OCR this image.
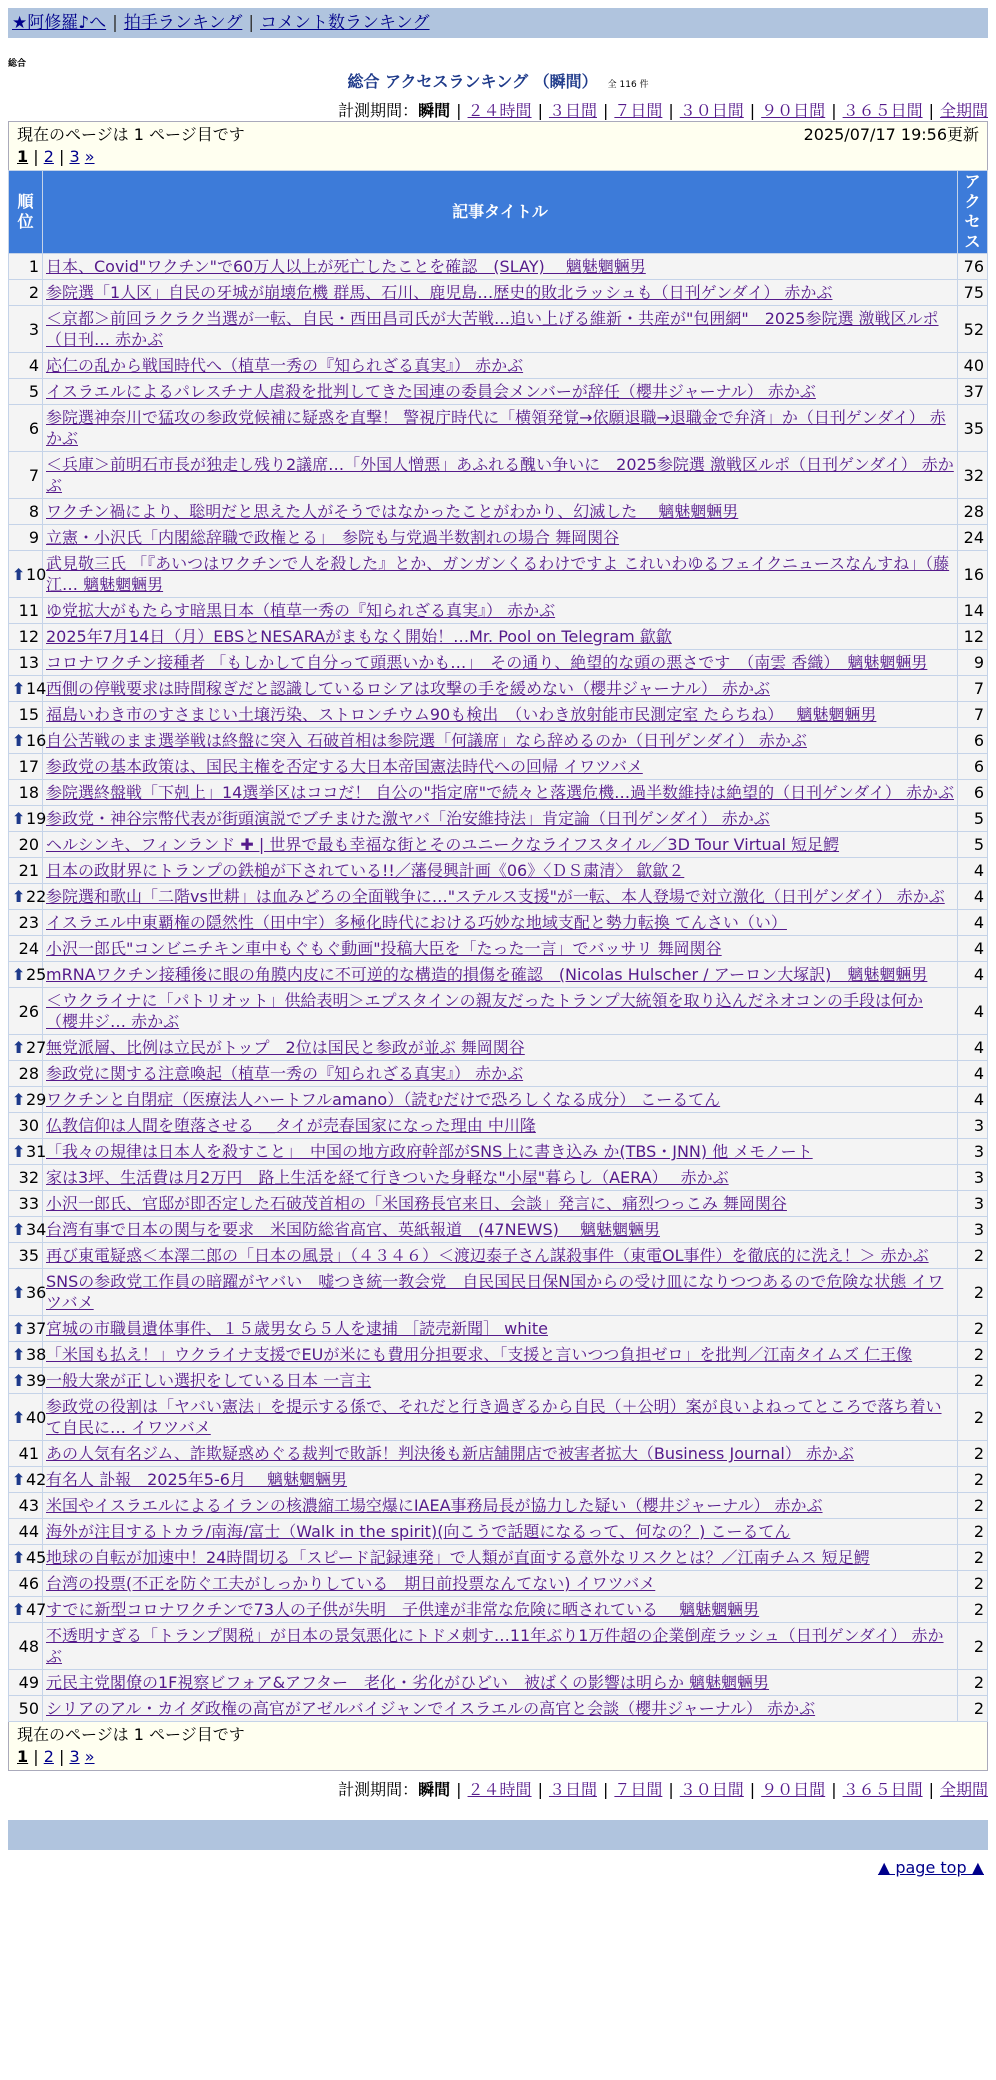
★阿修羅♪へ | 拍手ランキング | コメント数ランキング
総合
総合 アクセスランキング （瞬間） 全 116 件
計測期間：瞬間 | ２４時間 | ３日間 | ７日間 | ３０日間 | ９０日間 | ３６５日間 | 全期間
現在のページは 1 ページ目です	2025/07/17 19:56更新
1 | 2 | 3 »
順位	記事タイトル	アクセス
1	日本、Covid"ワクチン"で60万人以上が死亡したことを確認　(SLAY)　 魑魅魍魎男	76
2	参院選「1人区」自民の牙城が崩壊危機 群馬、石川、鹿児島…歴史的敗北ラッシュも（日刊ゲンダイ） 赤かぶ	75
3	＜京都＞前回ラクラク当選が一転、自民・西田昌司氏が大苦戦…追い上げる維新・共産が"包囲網"　2025参院選 激戦区ルポ（日刊… 赤かぶ	52
4	応仁の乱から戦国時代へ（植草一秀の『知られざる真実』） 赤かぶ	40
5	イスラエルによるパレスチナ人虐殺を批判してきた国連の委員会メンバーが辞任（櫻井ジャーナル） 赤かぶ	37
6	参院選神奈川で猛攻の参政党候補に疑惑を直撃！ 警視庁時代に「横領発覚→依願退職→退職金で弁済」か（日刊ゲンダイ） 赤かぶ	35
7	＜兵庫＞前明石市長が独走し残り2議席…「外国人憎悪」あふれる醜い争いに　2025参院選 激戦区ルポ（日刊ゲンダイ） 赤かぶ	32
8	ワクチン禍により、聡明だと思えた人がそうではなかったことがわかり、幻滅した　 魑魅魍魎男	28
9	立憲・小沢氏「内閣総辞職で政権とる」　参院も与党過半数割れの場合 舞岡関谷	24

⬆ 10	武見敬三氏 「『あいつはワクチンで人を殺した』とか、ガンガンくるわけですよ これいわゆるフェイクニュースなんすね」（藤江… 魑魅魍魎男	16
11	ゆ党拡大がもたらす暗黒日本（植草一秀の『知られざる真実』） 赤かぶ	14
12	2025年7月14日（月）EBSとNESARAがまもなく開始！…Mr. Pool on Telegram 歙歙	12
13	コロナワクチン接種者 「もしかして自分って頭悪いかも…」　その通り、絶望的な頭の悪さです　（南雲 香織）　魑魅魍魎男	9

⬆ 14	西側の停戦要求は時間稼ぎだと認識しているロシアは攻撃の手を緩めない（櫻井ジャーナル） 赤かぶ	7
15	福島いわき市のすさまじい土壌汚染、ストロンチウム90も検出　（いわき放射能市民測定室 たらちね）　 魑魅魍魎男	7

⬆ 16	自公苦戦のまま選挙戦は終盤に突入 石破首相は参院選「何議席」なら辞めるのか（日刊ゲンダイ） 赤かぶ	6
17	参政党の基本政策は、国民主権を否定する大日本帝国憲法時代への回帰 イワツバメ	6
18	参院選終盤戦「下剋上」14選挙区はココだ！ 自公の"指定席"で続々と落選危機…過半数維持は絶望的（日刊ゲンダイ） 赤かぶ	6

⬆ 19	参政党・神谷宗幣代表が街頭演説でブチまけた激ヤバ「治安維持法」肯定論（日刊ゲンダイ） 赤かぶ	5
20	ヘルシンキ、フィンランド ✚ | 世界で最も幸福な街とそのユニークなライフスタイル／3D Tour Virtual 短足鰐	5
21	日本の政財界にトランプの鉄槌が下されている!!／藩侵興計画《06》〈ＤＳ粛清〉 歙歙２	4

⬆ 22	参院選和歌山「二階vs世耕」は血みどろの全面戦争に…"ステルス支援"が一転、本人登場で対立激化（日刊ゲンダイ） 赤かぶ	4
23	イスラエル中東覇権の隠然性（田中宇）多極化時代における巧妙な地域支配と勢力転換 てんさい（い）	4
24	小沢一郎氏"コンビニチキン車中もぐもぐ動画"投稿大臣を「たった一言」でバッサリ 舞岡関谷	4

⬆ 25	mRNAワクチン接種後に眼の角膜内皮に不可逆的な構造的損傷を確認　(Nicolas Hulscher / アーロン大塚訳)　魑魅魍魎男	4
26	＜ウクライナに「パトリオット」供給表明＞エプスタインの親友だったトランプ大統領を取り込んだネオコンの手段は何か（櫻井ジ… 赤かぶ	4

⬆ 27	無党派層、比例は立民がトップ　2位は国民と参政が並ぶ 舞岡関谷	4
28	参政党に関する注意喚起（植草一秀の『知られざる真実』） 赤かぶ	4

⬆ 29	ワクチンと自閉症（医療法人ハートフルamano）（読むだけで恐ろしくなる成分） こーるてん	4
30	仏教信仰は人間を堕落させる ＿タイが売春国家になった理由 中川隆	3

⬆ 31	「我々の規律は日本人を殺すこと」　中国の地方政府幹部がSNS上に書き込み か(TBS・JNN) 他 メモノート	3
32	家は3坪、生活費は月2万円　路上生活を経て行きついた身軽な"小屋"暮らし（AERA）　 赤かぶ	3
33	小沢一郎氏、官邸が即否定した石破茂首相の「米国務長官来日、会談」発言に、痛烈つっこみ 舞岡関谷	3

⬆ 34	台湾有事で日本の関与を要求　米国防総省高官、英紙報道　(47NEWS)　 魑魅魍魎男	3
35	再び東電疑惑＜本澤二郎の「日本の風景」（４３４６）＜渡辺泰子さん謀殺事件（東電OL事件）を徹底的に洗え！＞ 赤かぶ	2

⬆ 36	SNSの参政党工作員の暗躍がヤバい　嘘つき統一教会党　自民国民日保N国からの受け皿になりつつあるので危険な状態 イワツバメ	2

⬆ 37	宮城の市職員遺体事件、１５歳男女ら５人を逮捕 ［読売新聞］ white	2

⬆ 38	「米国も払え！」ウクライナ支援でEUが米にも費用分担要求、「支援と言いつつ負担ゼロ」を批判／江南タイムズ 仁王像	2

⬆ 39	一般大衆が正しい選択をしている日本 一言主	2

⬆ 40	参政党の役割は「ヤバい憲法」を提示する係で、それだと行き過ぎるから自民（＋公明）案が良いよねってところで落ち着いて自民に… イワツバメ	2
41	あの人気有名ジム、詐欺疑惑めぐる裁判で敗訴！判決後も新店舗開店で被害者拡大（Business Journal） 赤かぶ	2

⬆ 42	有名人 訃報　2025年5-6月　 魑魅魍魎男	2
43	米国やイスラエルによるイランの核濃縮工場空爆にIAEA事務局長が協力した疑い（櫻井ジャーナル） 赤かぶ	2
44	海外が注目するトカラ/南海/富士（Walk in the spirit)(向こうで話題になるって、何なの？) こーるてん	2

⬆ 45	地球の自転が加速中！24時間切る「スピード記録連発」で人類が直面する意外なリスクとは？／江南チムス 短足鰐	2
46	台湾の投票(不正を防ぐ工夫がしっかりしている　期日前投票なんてない) イワツバメ	2

⬆ 47	すでに新型コロナワクチンで73人の子供が失明　子供達が非常な危険に晒されている　 魑魅魍魎男	2
48	不透明すぎる「トランプ関税」が日本の景気悪化にトドメ刺す…11年ぶり1万件超の企業倒産ラッシュ（日刊ゲンダイ） 赤かぶ	2
49	元民主党閣僚の1F視察ビフォア&アフター　老化・劣化がひどい　被ばくの影響は明らか 魑魅魍魎男	2
50	シリアのアル・カイダ政権の高官がアゼルバイジャンでイスラエルの高官と会談（櫻井ジャーナル） 赤かぶ	2
現在のページは 1 ページ目です
1 | 2 | 3 »
計測期間：瞬間 | ２４時間 | ３日間 | ７日間 | ３０日間 | ９０日間 | ３６５日間 | 全期間
▲ page top ▲
